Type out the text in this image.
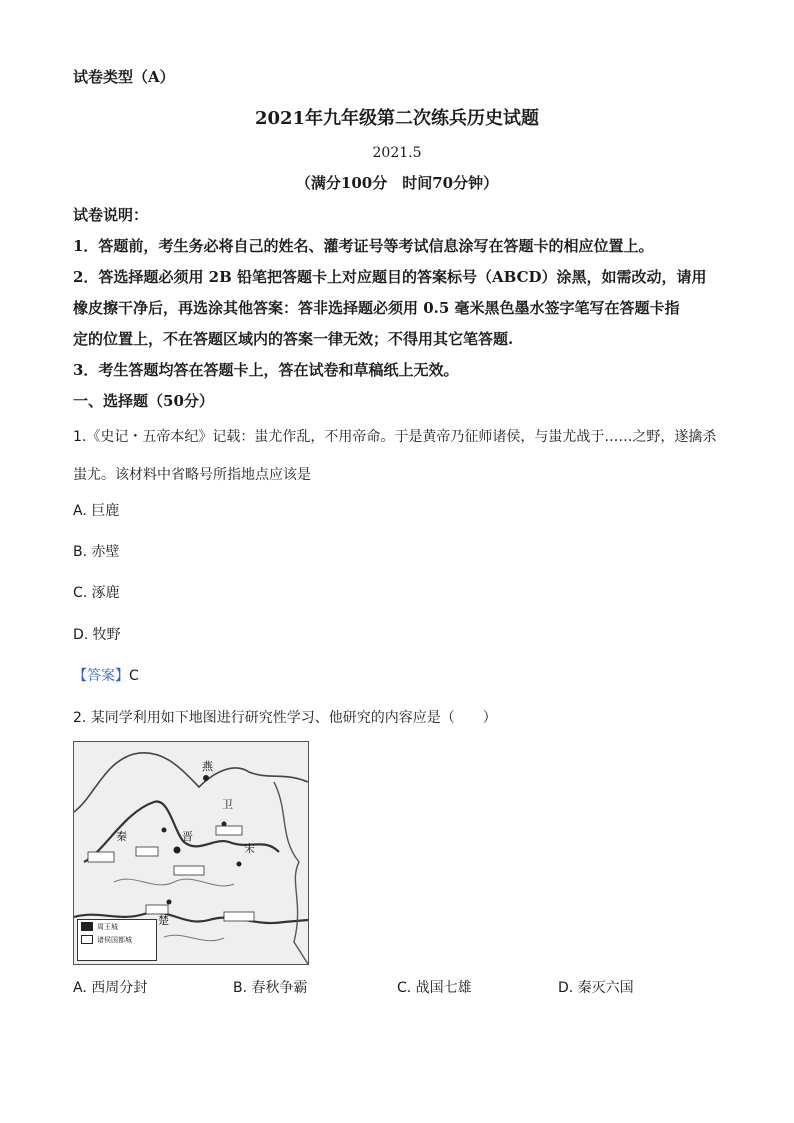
试卷类型（A）
2021年九年级第二次练兵历史试题
2021.5
（满分100分　时间70分钟）
试卷说明：
1．答题前，考生务必将自己的姓名、灌考证号等考试信息涂写在答题卡的相应位置上。
2．答选择题必须用 2B 铅笔把答题卡上对应题目的答案标号（ABCD）涂黑，如需改动，请用
橡皮擦干净后，再选涂其他答案：答非选择题必须用 0.5 毫米黑色墨水签字笔写在答题卡指
定的位置上，不在答题区域内的答案一律无效；不得用其它笔答题.
3．考生答题均答在答题卡上，答在试卷和草稿纸上无效。
一、选择题（50分）
1.《史记・五帝本纪》记载：蚩尤作乱，不用帝命。于是黄帝乃征师诸侯，与蚩尤战于……之野，遂擒杀
蚩尤。该材料中省略号所指地点应该是
A. 巨鹿
B. 赤壁
C. 涿鹿
D. 牧野
【答案】C
2. 某同学利用如下地图进行研究性学习、他研究的内容应是（　　）
燕
卫
秦	晋
宋
楚
周王城
诸侯国都城
A. 西周分封	B. 春秋争霸	C. 战国七雄	D. 秦灭六国
